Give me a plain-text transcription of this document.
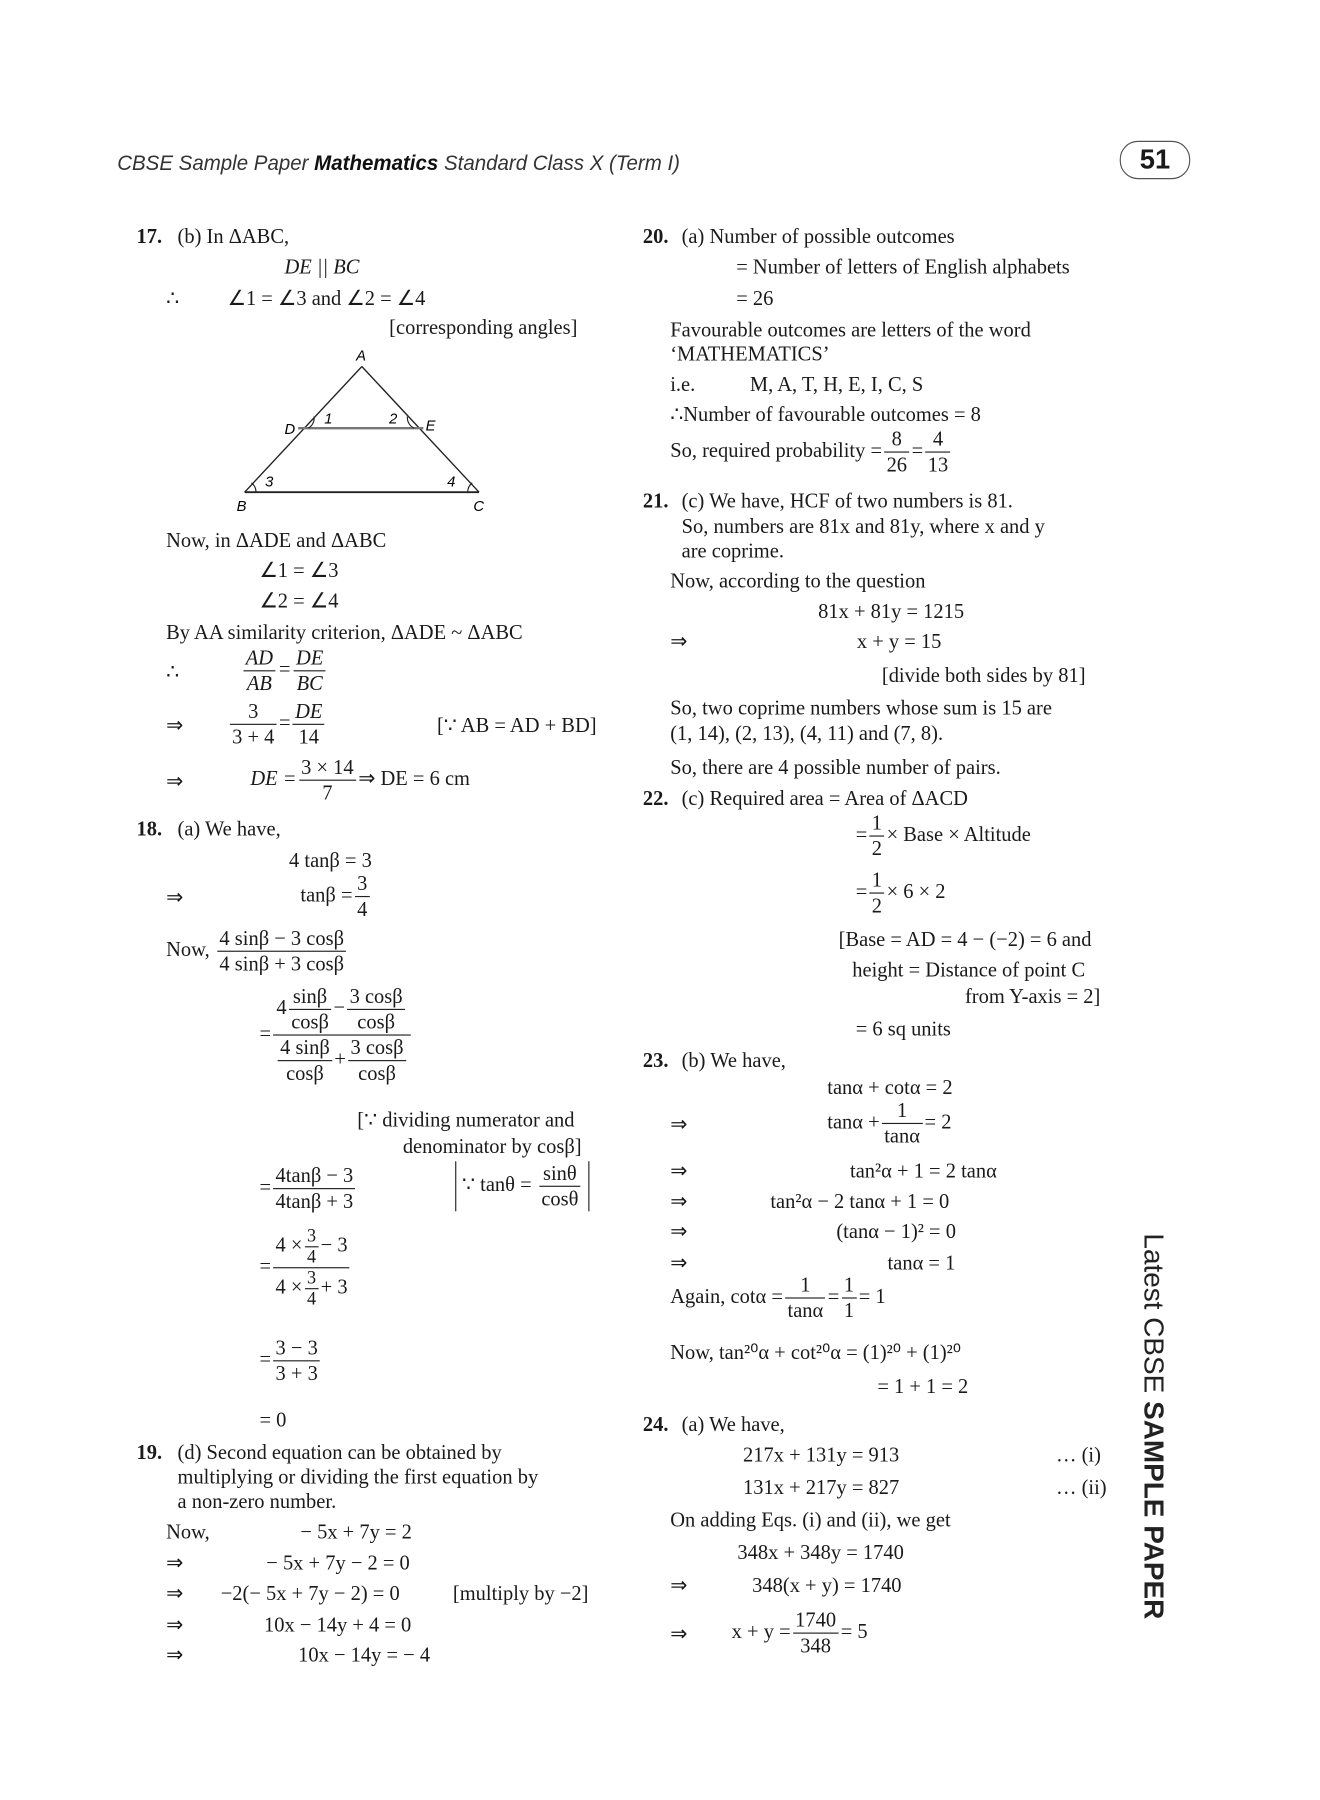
CBSE Sample Paper Mathematics Standard Class X (Term I)	51
Latest CBSE SAMPLE PAPER
17. (b) In ΔABC,
DE || BC
∴	∠1 = ∠3 and ∠2 = ∠4
[corresponding angles]
A
B	C
D	E
1	2
3	4
Now, in ΔADE and ΔABC
∠1 = ∠3
∠2 = ∠4
By AA similarity criterion, ΔADE ~ ΔABC
∴	$\frac{AD}{AB} = \frac{DE}{BC}$
⇒	$\frac{3}{3 + 4} = \frac{DE}{14}$	[∵ AB = AD + BD]
⇒	DE = $\frac{3 \times 14}{7}$ ⇒ DE = 6 cm
18. (a) We have,
4 tanβ = 3
⇒	$\tan\beta = \frac{3}{4}$
Now, $\frac{4 \sin\beta - 3 \cos\beta}{4 \sin\beta + 3 \cos\beta}$
= $\frac{4 \frac{\sin\beta}{\cos\beta} - \frac{3 \cos\beta}{\cos\beta}}{\frac{4 \sin\beta}{\cos\beta} + \frac{3 \cos\beta}{\cos\beta}}$
[∵ dividing numerator and
denominator by cosβ]
= $\frac{4\tan\beta - 3}{4\tan\beta + 3}$	∵ $\tan\theta = \frac{\sin\theta}{\cos\theta}$
= $\frac{4 \times \frac{3}{4} - 3}{4 \times \frac{3}{4} + 3}$
= $\frac{3 - 3}{3 + 3}$
= 0
19. (d) Second equation can be obtained by
multiplying or dividing the first equation by
a non-zero number.
Now,	− 5x + 7y = 2
⇒	− 5x + 7y − 2 = 0
⇒ −2(− 5x + 7y − 2) = 0	[multiply by −2]
⇒	10x − 14y + 4 = 0
⇒	10x − 14y = − 4
20. (a) Number of possible outcomes
= Number of letters of English alphabets
= 26
Favourable outcomes are letters of the word
‘MATHEMATICS’
i.e.	M, A, T, H, E, I, C, S
∴Number of favourable outcomes = 8
So, required probability = $\frac{8}{26} = \frac{4}{13}$
21. (c) We have, HCF of two numbers is 81.
So, numbers are 81x and 81y, where x and y
are coprime.
Now, according to the question
81x + 81y = 1215
⇒	x + y = 15
[divide both sides by 81]
So, two coprime numbers whose sum is 15 are
(1, 14), (2, 13), (4, 11) and (7, 8).
So, there are 4 possible number of pairs.
22. (c) Required area = Area of ΔACD
= $\frac{1}{2}$ × Base × Altitude
= $\frac{1}{2} \times 6 \times 2$
[Base = AD = 4 − (−2) = 6 and
height = Distance of point C
from Y-axis = 2]
= 6 sq units
23. (b) We have,
tanα + cotα = 2
⇒	$\tan\alpha + \frac{1}{\tan\alpha} = 2$
⇒	tan²α + 1 = 2 tanα
⇒	tan²α − 2 tanα + 1 = 0
⇒	(tanα − 1)² = 0
⇒	tanα = 1
Again, $\cot\alpha = \frac{1}{\tan\alpha} = \frac{1}{1} = 1$
Now, tan²⁰α + cot²⁰α = (1)²⁰ + (1)²⁰
= 1 + 1 = 2
24. (a) We have,
217x + 131y = 913	… (i)
131x + 217y = 827	… (ii)
On adding Eqs. (i) and (ii), we get
348x + 348y = 1740
⇒	348(x + y) = 1740
⇒ $x + y = \frac{1740}{348} = 5$
